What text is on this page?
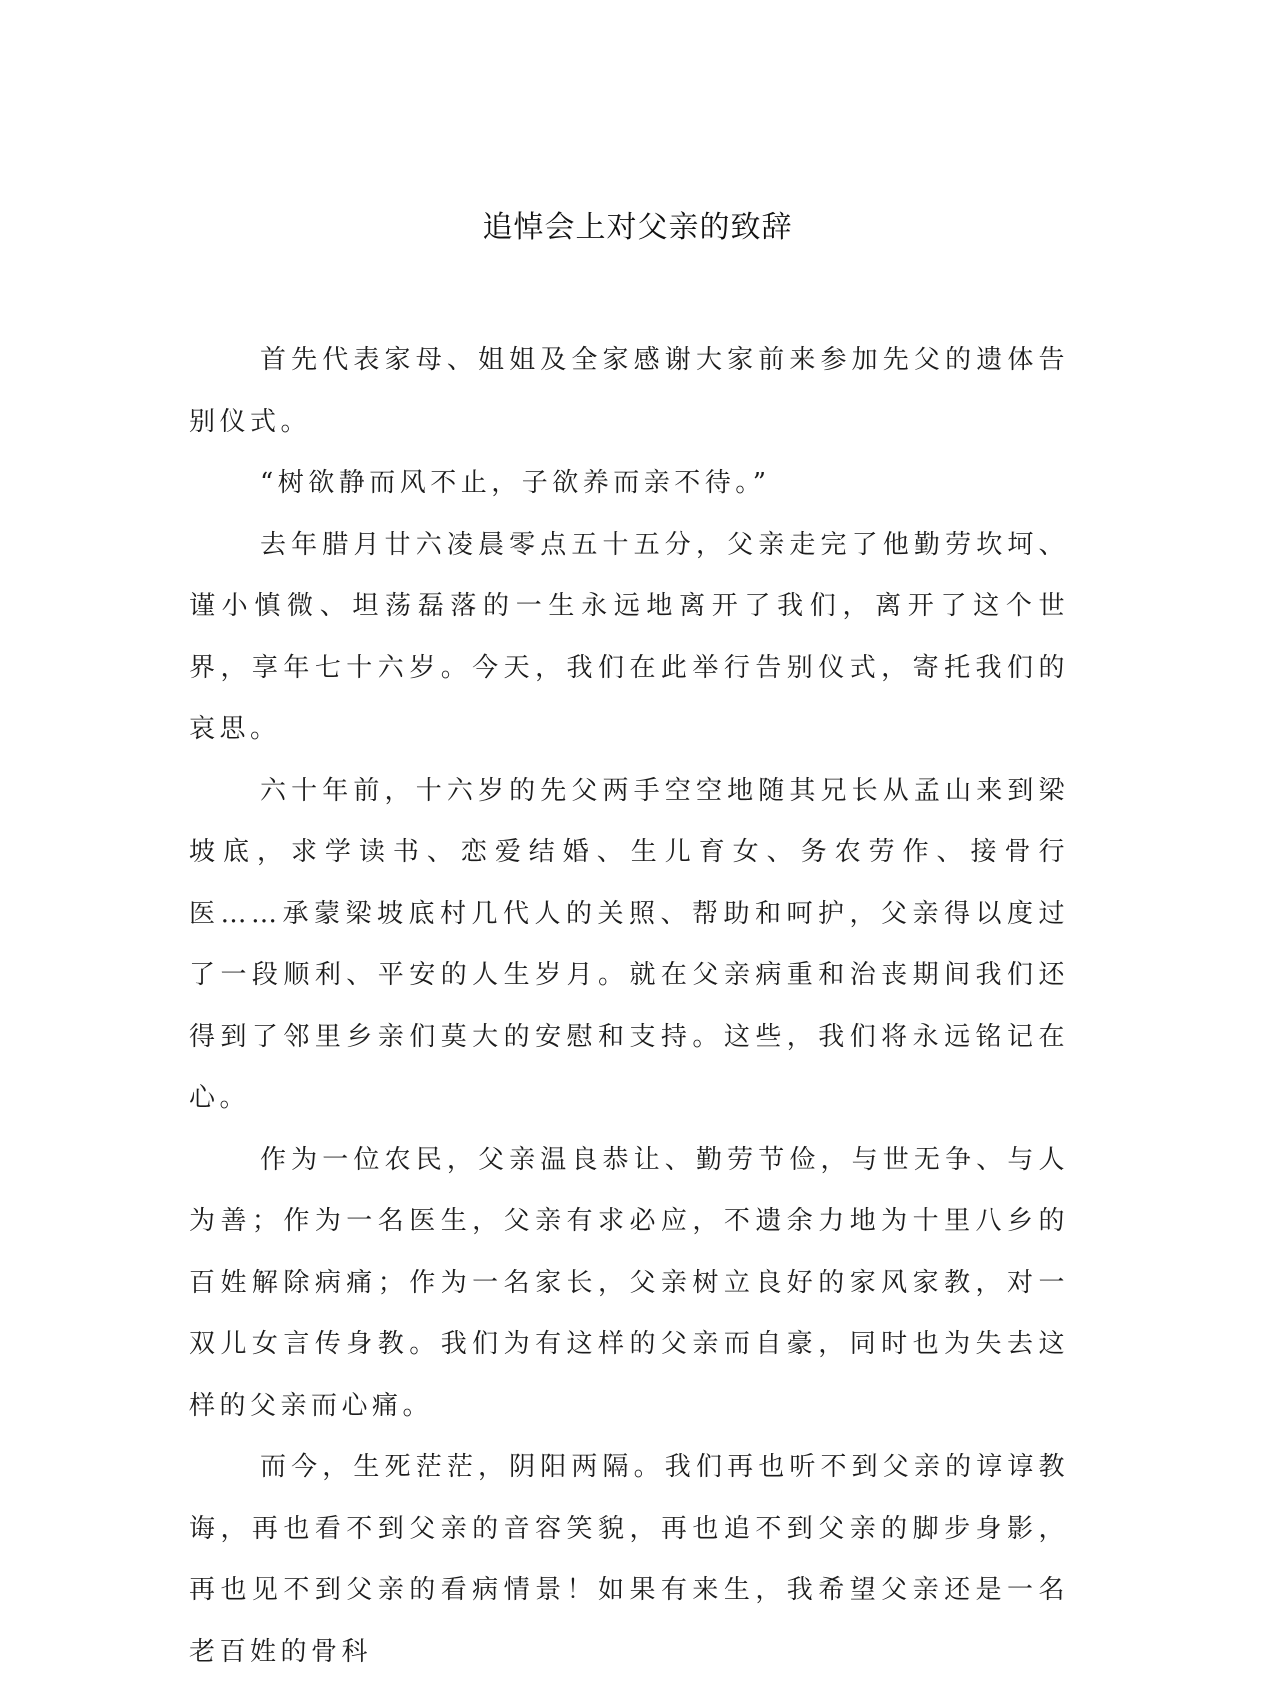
追悼会上对父亲的致辞

首先代表家母、姐姐及全家感谢大家前来参加先父的遗体告别仪式。

“树欲静而风不止，子欲养而亲不待。”

去年腊月廿六凌晨零点五十五分，父亲走完了他勤劳坎坷、谨小慎微、坦荡磊落的一生永远地离开了我们，离开了这个世界，享年七十六岁。今天，我们在此举行告别仪式，寄托我们的哀思。

六十年前，十六岁的先父两手空空地随其兄长从孟山来到梁坡底，求学读书、恋爱结婚、生儿育女、务农劳作、接骨行医……承蒙梁坡底村几代人的关照、帮助和呵护，父亲得以度过了一段顺利、平安的人生岁月。就在父亲病重和治丧期间我们还得到了邻里乡亲们莫大的安慰和支持。这些，我们将永远铭记在心。

作为一位农民，父亲温良恭让、勤劳节俭，与世无争、与人为善；作为一名医生，父亲有求必应，不遗余力地为十里八乡的百姓解除病痛；作为一名家长，父亲树立良好的家风家教，对一双儿女言传身教。我们为有这样的父亲而自豪，同时也为失去这样的父亲而心痛。

而今，生死茫茫，阴阳两隔。我们再也听不到父亲的谆谆教诲，再也看不到父亲的音容笑貌，再也追不到父亲的脚步身影，再也见不到父亲的看病情景！如果有来生，我希望父亲还是一名老百姓的骨科
